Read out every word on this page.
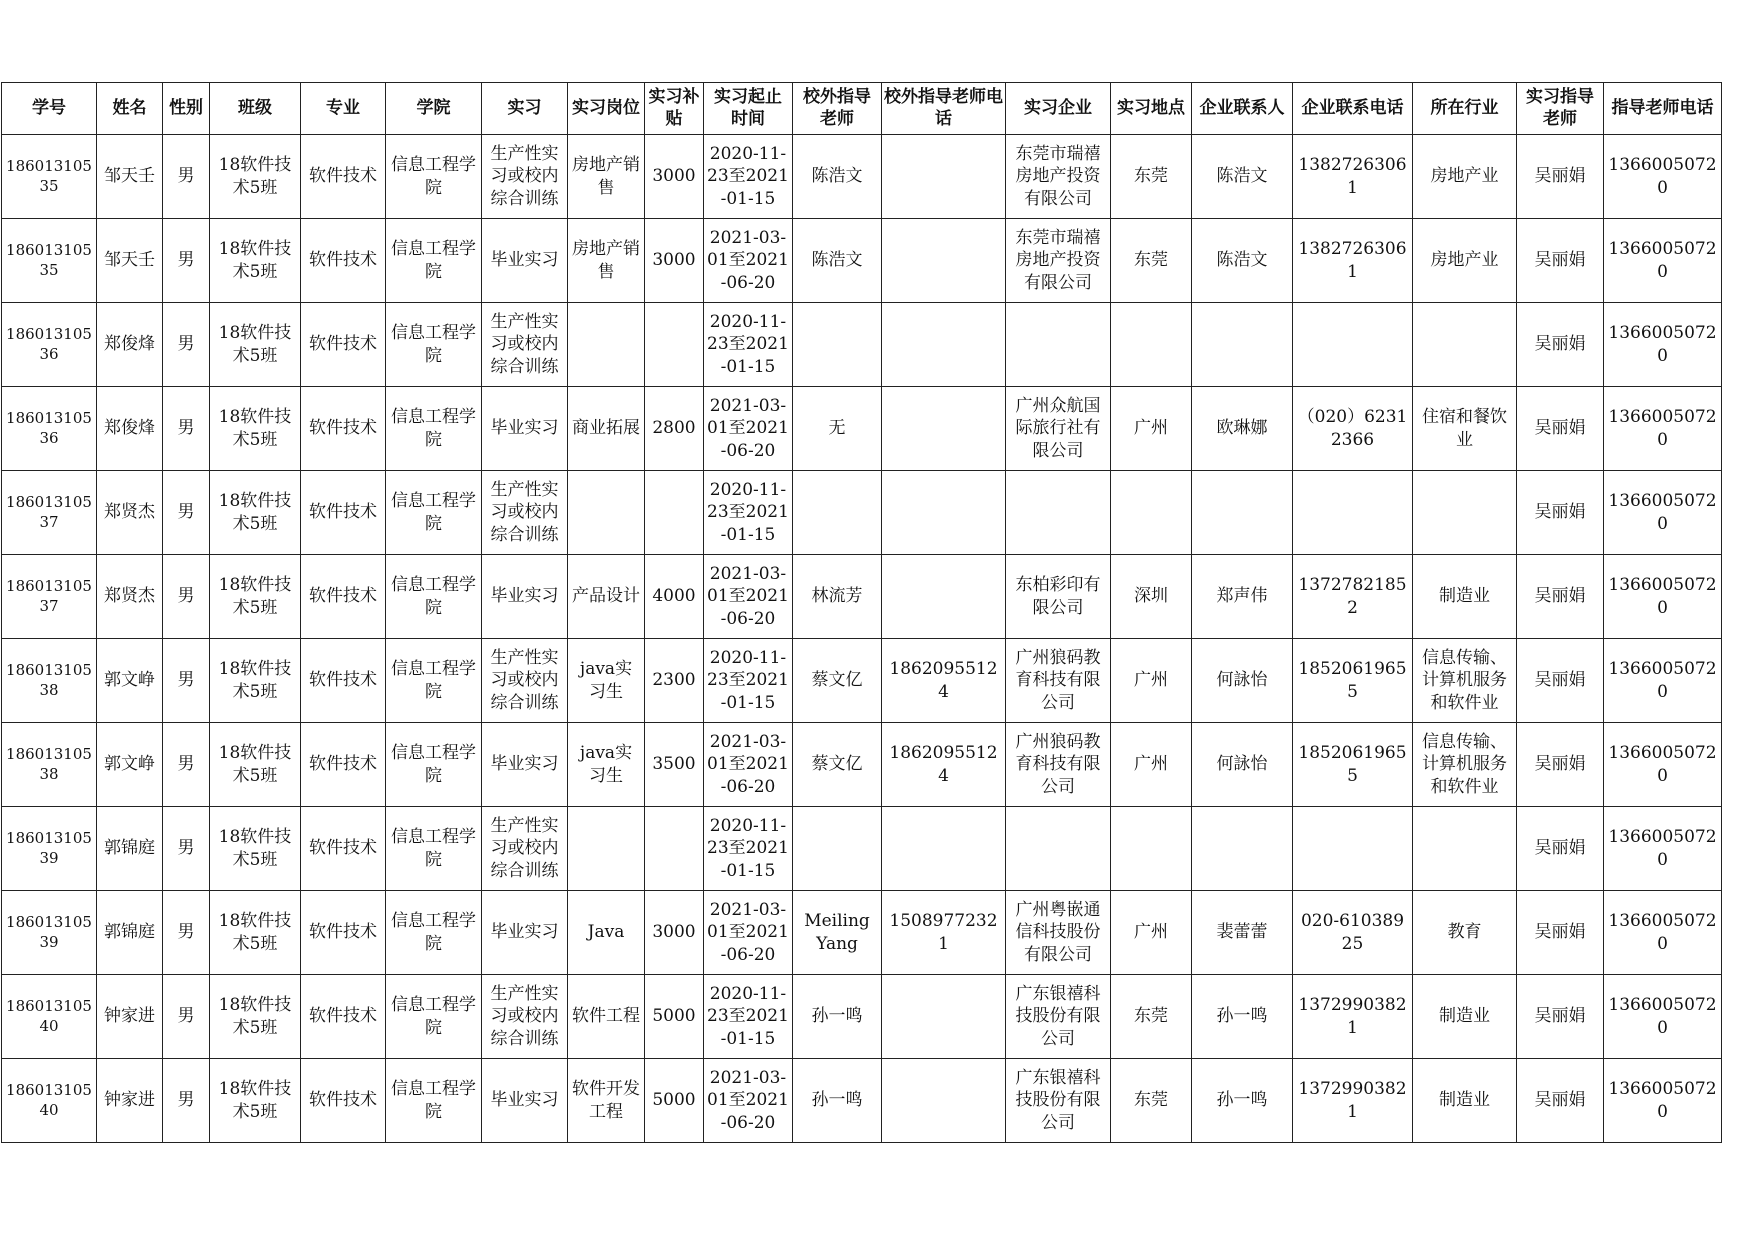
学号	姓名	性别	班级	专业	学院	实习	实习岗位	实习补贴	实习起止时间	校外指导老师	校外指导老师电话	实习企业	实习地点	企业联系人	企业联系电话	所在行业	实习指导老师	指导老师电话

18601310535	邹天壬	男	18软件技术5班	软件技术	信息工程学院	生产性实习或校内综合训练	房地产销售	3000	2020-11-23至2021-01-15	陈浩文		东莞市瑞禧房地产投资有限公司	东莞	陈浩文	13827263061	房地产业	吴丽娟	13660050720

18601310535	邹天壬	男	18软件技术5班	软件技术	信息工程学院	毕业实习	房地产销售	3000	2021-03-01至2021-06-20	陈浩文		东莞市瑞禧房地产投资有限公司	东莞	陈浩文	13827263061	房地产业	吴丽娟	13660050720

18601310536	郑俊烽	男	18软件技术5班	软件技术	信息工程学院	生产性实习或校内综合训练			2020-11-23至2021-01-15								吴丽娟	13660050720

18601310536	郑俊烽	男	18软件技术5班	软件技术	信息工程学院	毕业实习	商业拓展	2800	2021-03-01至2021-06-20	无		广州众航国际旅行社有限公司	广州	欧琳娜	（020）62312366	住宿和餐饮业	吴丽娟	13660050720

18601310537	郑贤杰	男	18软件技术5班	软件技术	信息工程学院	生产性实习或校内综合训练			2020-11-23至2021-01-15								吴丽娟	13660050720

18601310537	郑贤杰	男	18软件技术5班	软件技术	信息工程学院	毕业实习	产品设计	4000	2021-03-01至2021-06-20	林流芳		东柏彩印有限公司	深圳	郑声伟	13727821852	制造业	吴丽娟	13660050720

18601310538	郭文峥	男	18软件技术5班	软件技术	信息工程学院	生产性实习或校内综合训练	java实习生	2300	2020-11-23至2021-01-15	蔡文亿	18620955124	广州狼码教育科技有限公司	广州	何詠怡	18520619655	信息传输、计算机服务和软件业	吴丽娟	13660050720

18601310538	郭文峥	男	18软件技术5班	软件技术	信息工程学院	毕业实习	java实习生	3500	2021-03-01至2021-06-20	蔡文亿	18620955124	广州狼码教育科技有限公司	广州	何詠怡	18520619655	信息传输、计算机服务和软件业	吴丽娟	13660050720

18601310539	郭锦庭	男	18软件技术5班	软件技术	信息工程学院	生产性实习或校内综合训练			2020-11-23至2021-01-15								吴丽娟	13660050720

18601310539	郭锦庭	男	18软件技术5班	软件技术	信息工程学院	毕业实习	Java	3000	2021-03-01至2021-06-20	Meiling Yang	15089772321	广州粤嵌通信科技股份有限公司	广州	裴蕾蕾	020-61038925	教育	吴丽娟	13660050720

18601310540	钟家进	男	18软件技术5班	软件技术	信息工程学院	生产性实习或校内综合训练	软件工程	5000	2020-11-23至2021-01-15	孙一鸣		广东银禧科技股份有限公司	东莞	孙一鸣	13729903821	制造业	吴丽娟	13660050720

18601310540	钟家进	男	18软件技术5班	软件技术	信息工程学院	毕业实习	软件开发工程	5000	2021-03-01至2021-06-20	孙一鸣		广东银禧科技股份有限公司	东莞	孙一鸣	13729903821	制造业	吴丽娟	13660050720
